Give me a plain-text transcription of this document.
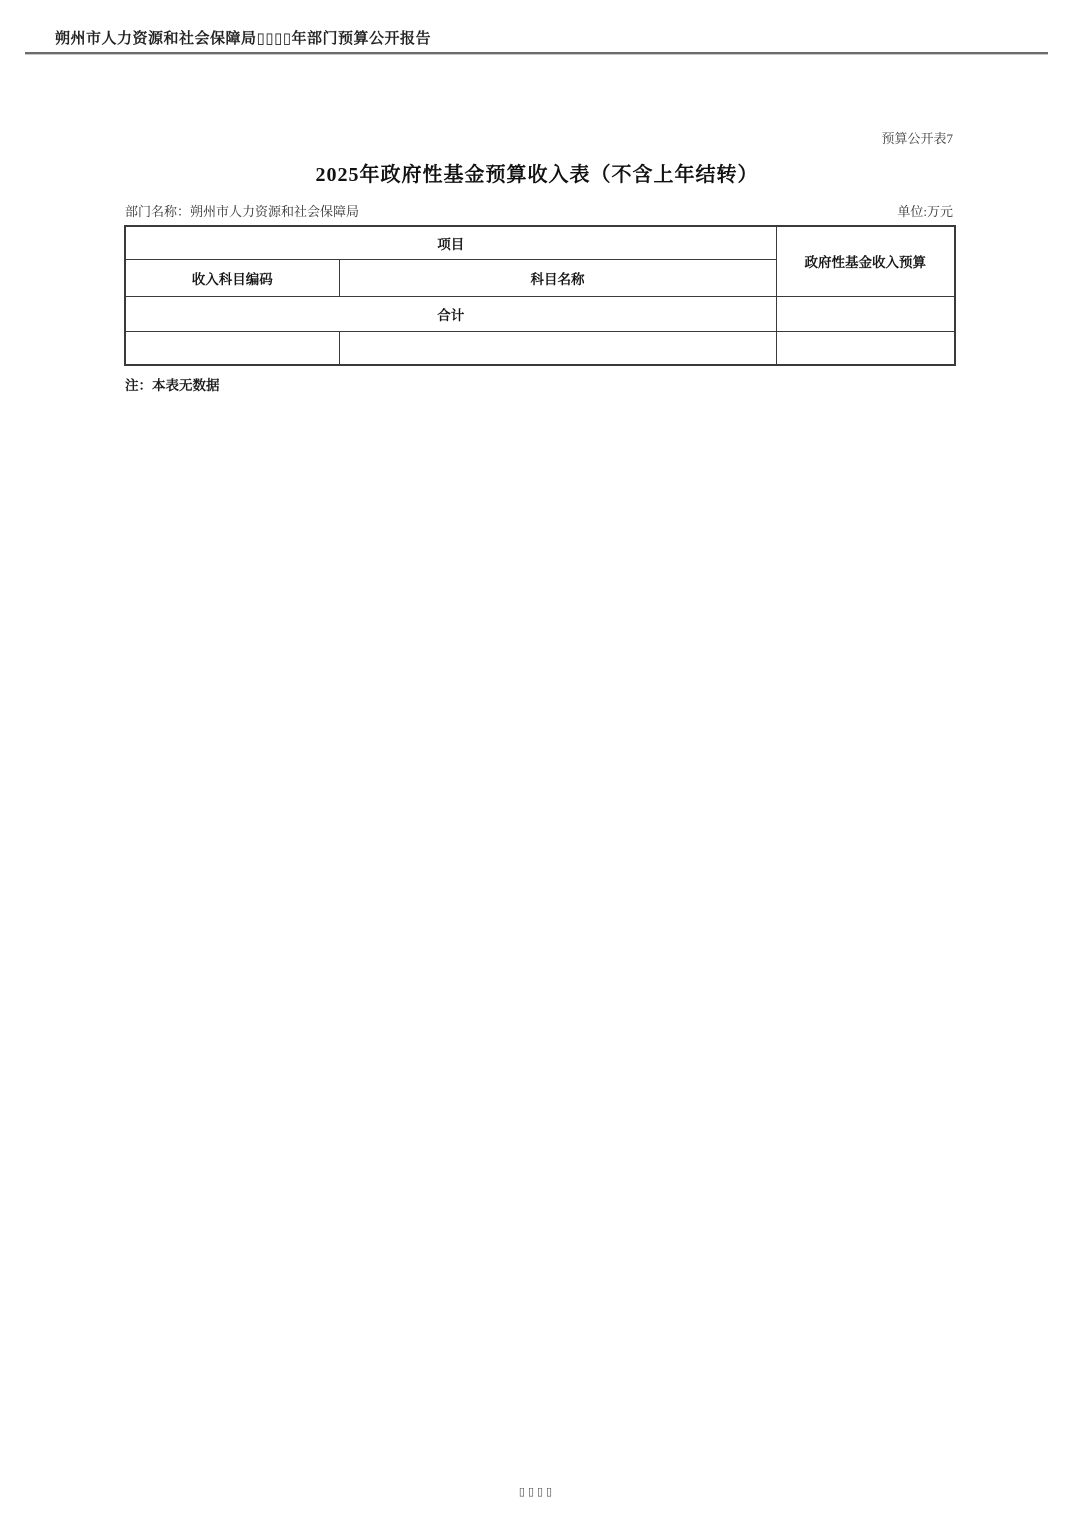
朔州市人力资源和社会保障局▯▯▯▯年部门预算公开报告
预算公开表7
2025年政府性基金预算收入表（不含上年结转）
部门名称：朔州市人力资源和社会保障局	单位:万元
项目		政府性基金收入预算
收入科目编码	科目名称	
合计		

注：本表无数据
▯▯▯▯
